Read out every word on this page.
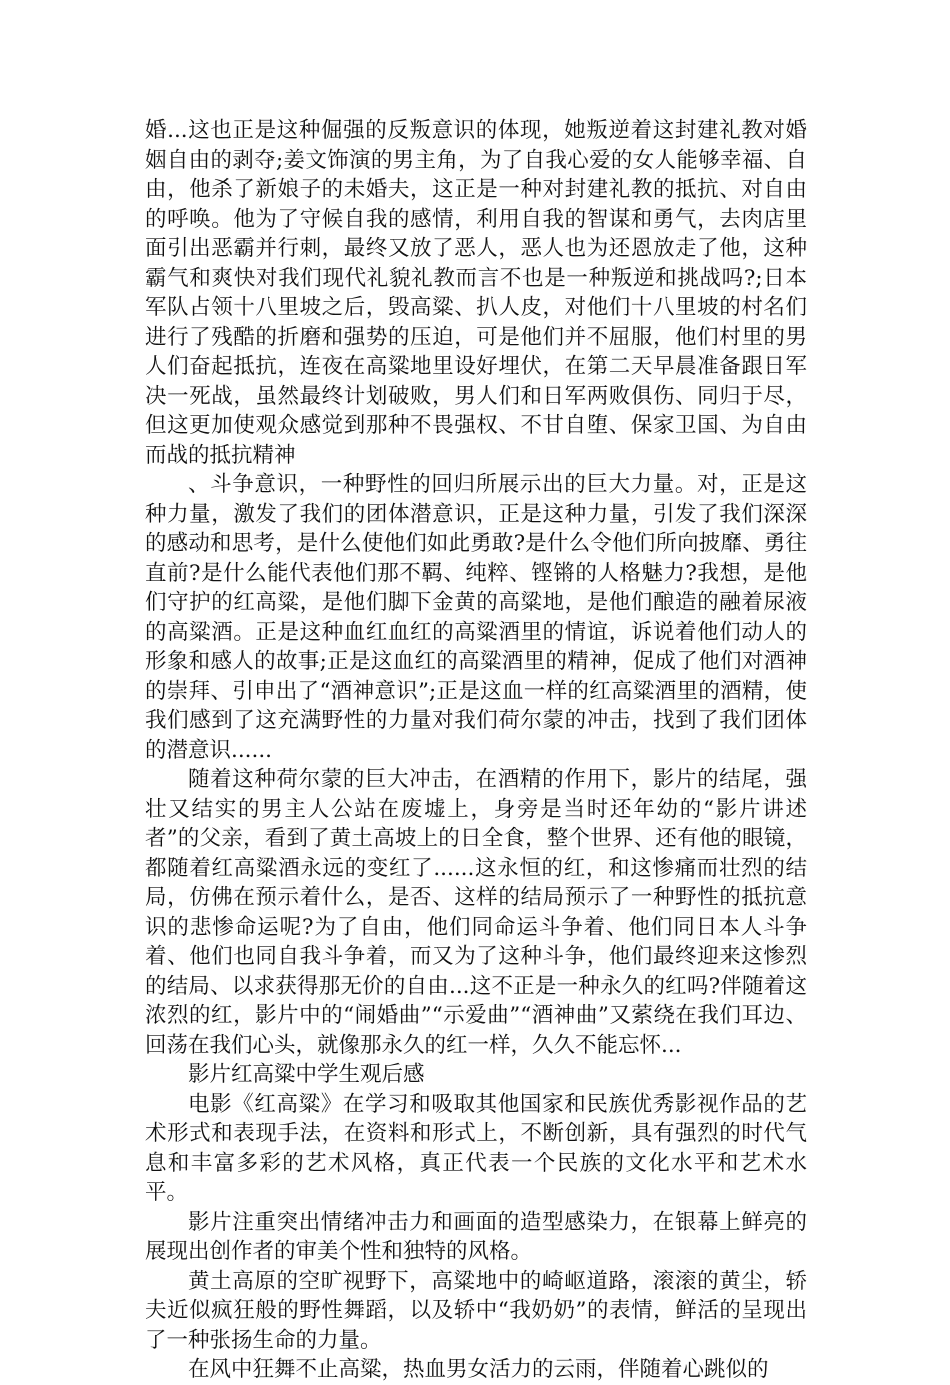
婚...这也正是这种倔强的反叛意识的体现，她叛逆着这封建礼教对婚姻自由的剥夺;姜文饰演的男主角，为了自我心爱的女人能够幸福、自由，他杀了新娘子的未婚夫，这正是一种对封建礼教的抵抗、对自由的呼唤。他为了守候自我的感情，利用自我的智谋和勇气，去肉店里面引出恶霸并行刺，最终又放了恶人，恶人也为还恩放走了他，这种霸气和爽快对我们现代礼貌礼教而言不也是一种叛逆和挑战吗?;日本军队占领十八里坡之后，毁高粱、扒人皮，对他们十八里坡的村名们进行了残酷的折磨和强势的压迫，可是他们并不屈服，他们村里的男人们奋起抵抗，连夜在高粱地里设好埋伏，在第二天早晨准备跟日军决一死战，虽然最终计划破败，男人们和日军两败俱伤、同归于尽，但这更加使观众感觉到那种不畏强权、不甘自堕、保家卫国、为自由而战的抵抗精神

、斗争意识，一种野性的回归所展示出的巨大力量。对，正是这种力量，激发了我们的团体潜意识，正是这种力量，引发了我们深深的感动和思考，是什么使他们如此勇敢?是什么令他们所向披靡、勇往直前?是什么能代表他们那不羁、纯粹、铿锵的人格魅力?我想，是他们守护的红高粱，是他们脚下金黄的高粱地，是他们酿造的融着尿液的高粱酒。正是这种血红血红的高粱酒里的情谊，诉说着他们动人的形象和感人的故事;正是这血红的高粱酒里的精神，促成了他们对酒神的崇拜、引申出了“酒神意识”;正是这血一样的红高粱酒里的酒精，使我们感到了这充满野性的力量对我们荷尔蒙的冲击，找到了我们团体的潜意识......

随着这种荷尔蒙的巨大冲击，在酒精的作用下，影片的结尾，强壮又结实的男主人公站在废墟上，身旁是当时还年幼的“影片讲述者”的父亲，看到了黄土高坡上的日全食，整个世界、还有他的眼镜，都随着红高粱酒永远的变红了......这永恒的红，和这惨痛而壮烈的结局，仿佛在预示着什么，是否、这样的结局预示了一种野性的抵抗意识的悲惨命运呢?为了自由，他们同命运斗争着、他们同日本人斗争着、他们也同自我斗争着，而又为了这种斗争，他们最终迎来这惨烈的结局、以求获得那无价的自由...这不正是一种永久的红吗?伴随着这浓烈的红，影片中的“闹婚曲”“示爱曲”“酒神曲”又萦绕在我们耳边、回荡在我们心头，就像那永久的红一样，久久不能忘怀...

影片红高粱中学生观后感

电影《红高粱》在学习和吸取其他国家和民族优秀影视作品的艺术形式和表现手法，在资料和形式上，不断创新，具有强烈的时代气息和丰富多彩的艺术风格，真正代表一个民族的文化水平和艺术水平。

影片注重突出情绪冲击力和画面的造型感染力，在银幕上鲜亮的展现出创作者的审美个性和独特的风格。

黄土高原的空旷视野下，高粱地中的崎岖道路，滚滚的黄尘，轿夫近似疯狂般的野性舞蹈，以及轿中“我奶奶”的表情，鲜活的呈现出了一种张扬生命的力量。

在风中狂舞不止高粱，热血男女活力的云雨，伴随着心跳似的
